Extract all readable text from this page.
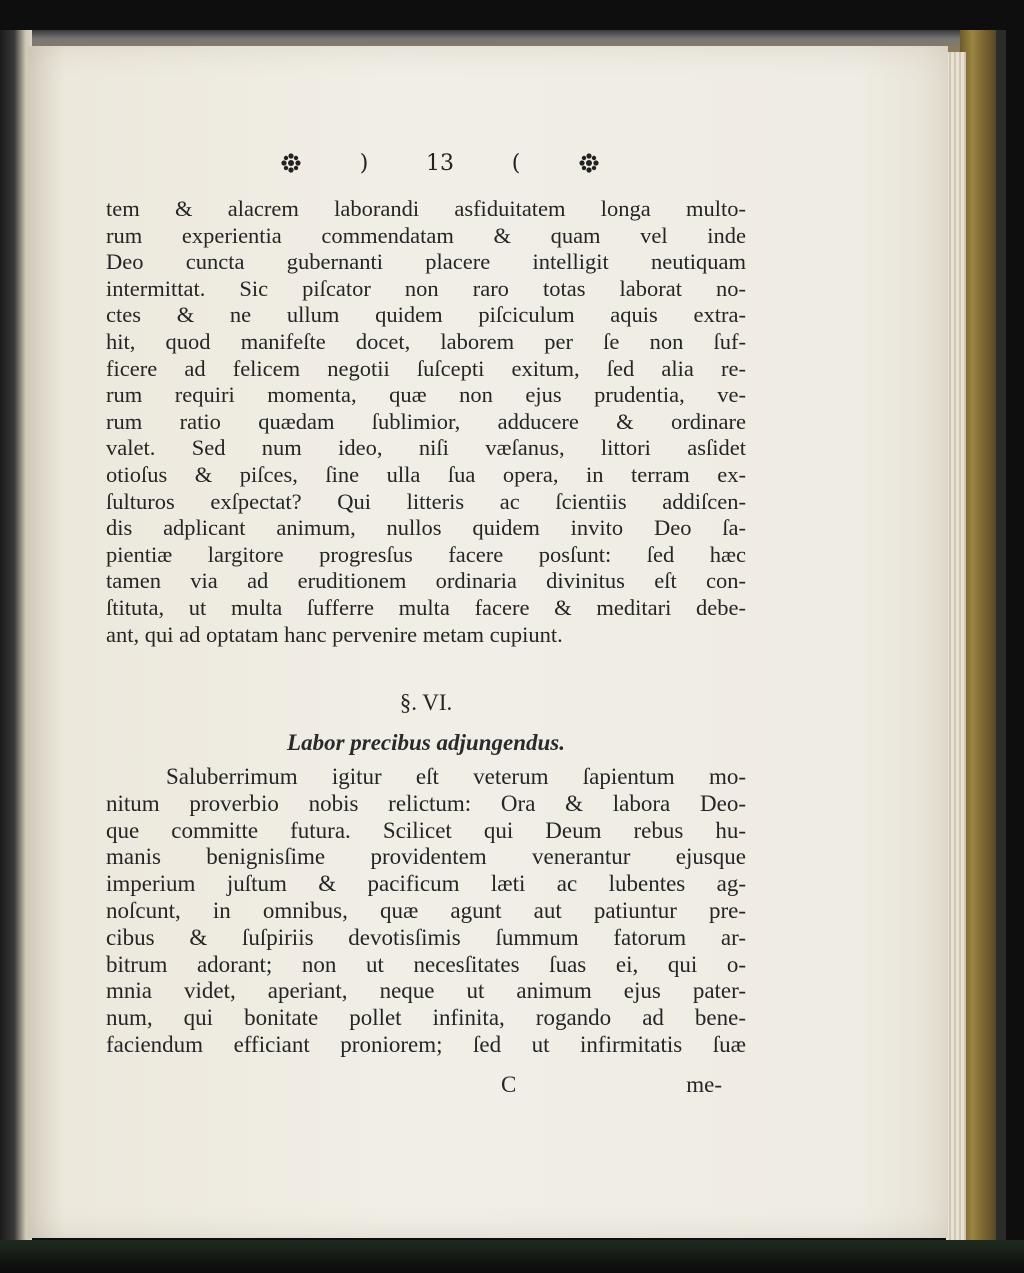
)	13	(
tem & alacrem laborandi asfiduitatem longa multo-
rum experientia commendatam & quam vel inde
Deo cuncta gubernanti placere intelligit neutiquam
intermittat. Sic piſcator non raro totas laborat no-
ctes & ne ullum quidem piſciculum aquis extra-
hit, quod manifeſte docet, laborem per ſe non ſuf-
ficere ad felicem negotii ſuſcepti exitum, ſed alia re-
rum requiri momenta, quæ non ejus prudentia, ve-
rum ratio quædam ſublimior, adducere & ordinare
valet. Sed num ideo, niſi væſanus, littori asſidet
otioſus & piſces, ſine ulla ſua opera, in terram ex-
ſulturos exſpectat? Qui litteris ac ſcientiis addiſcen-
dis adplicant animum, nullos quidem invito Deo ſa-
pientiæ largitore progresſus facere posſunt: ſed hæc
tamen via ad eruditionem ordinaria divinitus eſt con-
ſtituta, ut multa ſufferre multa facere & meditari debe-
ant, qui ad optatam hanc pervenire metam cupiunt.
§. VI.
Labor precibus adjungendus.
Saluberrimum igitur eſt veterum ſapientum mo-
nitum proverbio nobis relictum: Ora & labora Deo-
que committe futura. Scilicet qui Deum rebus hu-
manis benignisſime providentem venerantur ejusque
imperium juſtum & pacificum læti ac lubentes ag-
noſcunt, in omnibus, quæ agunt aut patiuntur pre-
cibus & ſuſpiriis devotisſimis ſummum fatorum ar-
bitrum adorant; non ut necesſitates ſuas ei, qui o-
mnia videt, aperiant, neque ut animum ejus pater-
num, qui bonitate pollet infinita, rogando ad bene-
faciendum efficiant proniorem; ſed ut infirmitatis ſuæ
C	me-
